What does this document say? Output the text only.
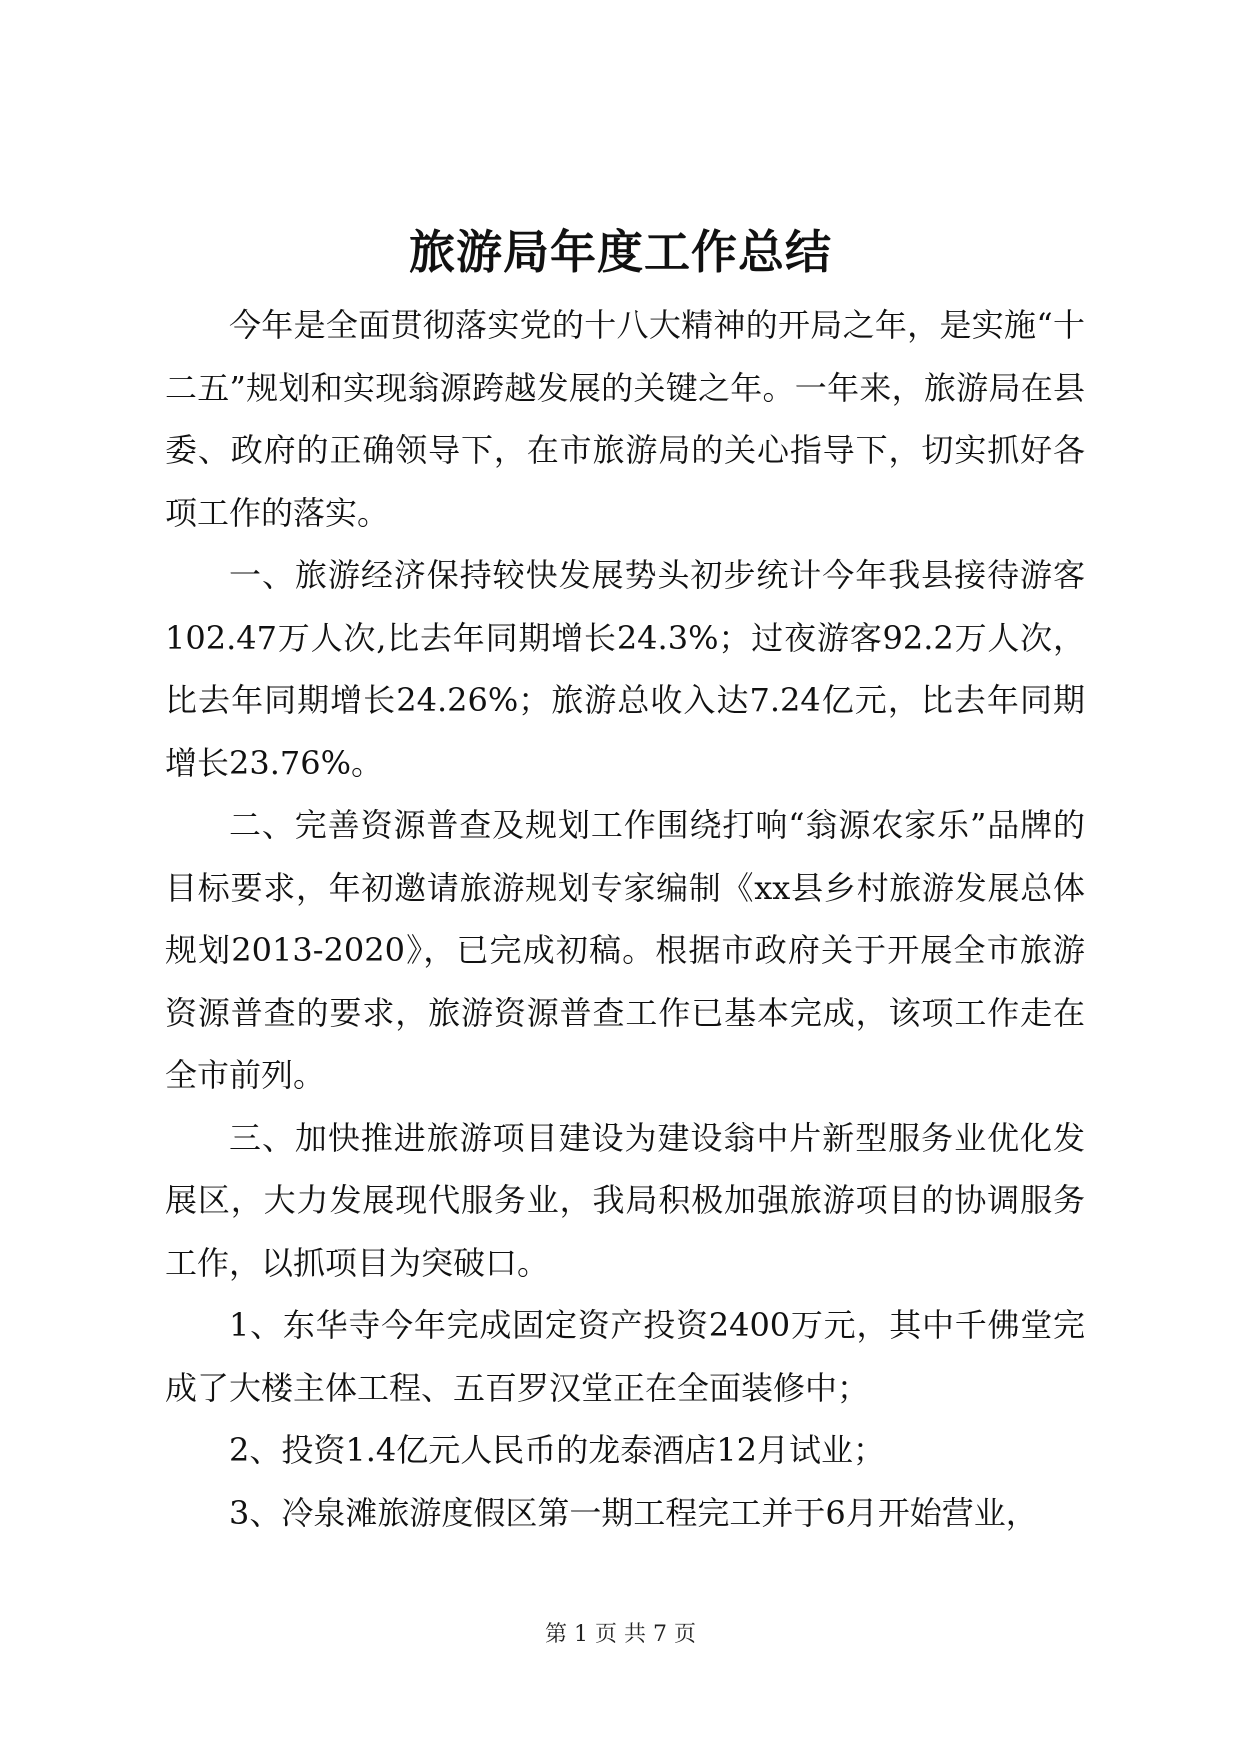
旅游局年度工作总结

今年是全面贯彻落实党的十八大精神的开局之年，是实施“十二五”规划和实现翁源跨越发展的关键之年。一年来，旅游局在县委、政府的正确领导下，在市旅游局的关心指导下，切实抓好各项工作的落实。

一、旅游经济保持较快发展势头初步统计今年我县接待游客102.47万人次,比去年同期增长24.3%；过夜游客92.2万人次，比去年同期增长24.26%；旅游总收入达7.24亿元，比去年同期增长23.76%。

二、完善资源普查及规划工作围绕打响“翁源农家乐”品牌的目标要求，年初邀请旅游规划专家编制《xx县乡村旅游发展总体规划2013-2020》，已完成初稿。根据市政府关于开展全市旅游资源普查的要求，旅游资源普查工作已基本完成，该项工作走在全市前列。

三、加快推进旅游项目建设为建设翁中片新型服务业优化发展区，大力发展现代服务业，我局积极加强旅游项目的协调服务工作，以抓项目为突破口。

1、东华寺今年完成固定资产投资2400万元，其中千佛堂完成了大楼主体工程、五百罗汉堂正在全面装修中；

2、投资1.4亿元人民币的龙泰酒店12月试业；

3、冷泉滩旅游度假区第一期工程完工并于6月开始营业，

第 1 页 共 7 页
